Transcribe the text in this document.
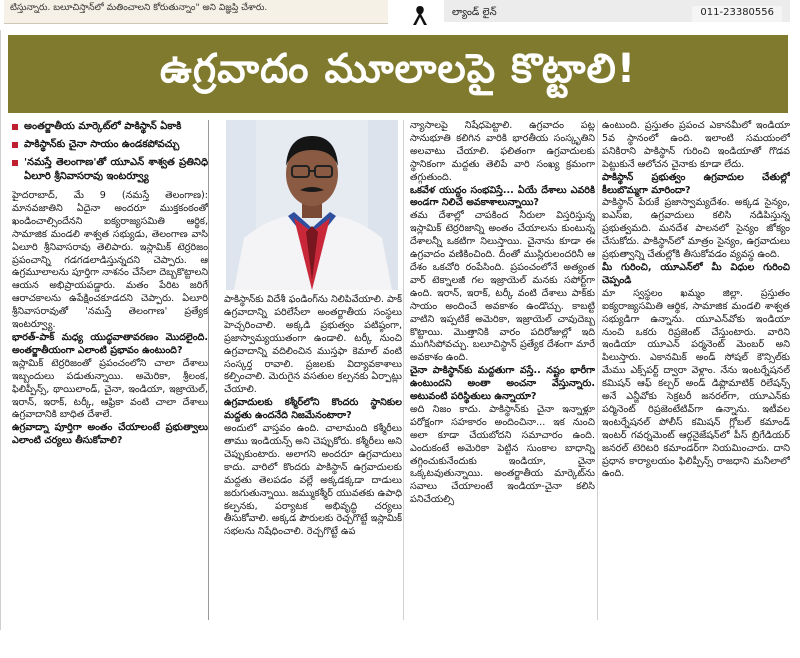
టిస్తున్నారు. బలూచిస్తాన్‌లో మతించాలని కోరుతున్నాం" అని విజ్ఞప్తి చేశారు.	ల్యాండ్ లైన్	011-23380556
ఉగ్రవాదం మూలాలపై కొట్టాలి!
అంతర్జాతీయ మార్కెట్‌లో పాకిస్థాన్ ఏకాకి
పాకిస్థాన్‌కు చైనా సాయం ఉండకపోవచ్చు
'నమస్తే తెలంగాణ'తో యూఎన్ శాశ్వత ప్రతినిధి ఏలూరి శ్రీనివాసరావు ఇంటర్వ్యూ

హైదరాబాద్, మే 9 (నమస్తే తెలంగాణ): మానవజాతిని ఏదైనా అందరూ ముక్తకంఠంతో ఖండించాల్సిందేనని ఐక్యరాజ్యసమితి ఆర్థిక, సామాజిక మండలి శాశ్వత సభ్యుడు, తెలంగాణ వాసి ఏలూరి శ్రీనివాసరావు తెలిపారు. ఇస్లామిక్ టెర్రరిజం ప్రపంచాన్ని గడగడలాడిస్తున్నదని చెప్పారు. ఆ ఉగ్రమూలాలను పూర్తిగా నాశనం చేసేలా దెబ్బకొట్టాలని ఆయన అభిప్రాయపడ్డారు. మతం పేరిట జరిగే ఆరాచకాలను ఉపేక్షించకూడదని చెప్పారు. ఏలూరి శ్రీనివాసరావుతో 'నమస్తే తెలంగాణ' ప్రత్యేక ఇంటర్వ్యూ.

భారత్-పాక్ మధ్య యుద్ధవాతావరణం మొదలైంది. అంతర్జాతీయంగా ఎలాంటి ప్రభావం ఉంటుంది?

ఇస్లామిక్ టెర్రరిజంతో ప్రపంచంలోని చాలా దేశాలు ఇబ్బందులు పడుతున్నాయి. అమెరికా, శ్రీలంక, ఫిలిప్పీన్స్, థాయిలాండ్, చైనా, ఇండియా, ఇజ్రాయెల్, ఇరాన్, ఇరాక్, టర్కీ, ఆఫ్రికా వంటి చాలా దేశాలు ఉగ్రవాదానికి బాధిత దేశాలే.

ఉగ్రవాద్నా పూర్తిగా అంతం చేయాలంటే ప్రభుత్వాలు ఎలాంటి చర్యలు తీసుకోవాలి?

పాకిస్థాన్‌కు విదేశీ ఫండింగ్‌ను నిలిపివేయాలి. పాక్ ఉగ్రవాదాన్ని పరిలేసేలా అంతర్జాతీయ సంస్థలు హెచ్చరించాలి. అక్కడి ప్రభుత్వం పటిష్ఠంగా, ప్రజాస్వామ్యయుతంగా ఉండాలి. టర్కీ నుంచి ఉగ్రవాదాన్ని వదిలించిన ముస్తఫా కెమాల్ వంటి సంస్కర్త రావాలి. ప్రజలకు విద్యావకాశాలు కల్పించాలి. మెరుగైన వసతుల కల్పనకు ఏర్పాట్లు చేయాలి.

ఉగ్రవాదులకు కశ్మీర్‌లోని కొందరు స్థానికుల మద్దతు ఉందనేది నిజమేనంటారా?

అందులో వాస్తవం ఉంది. చాలామంది కశ్మీరీలు తాము ఇండియన్స్ అని చెప్పుకోరు. కశ్మీరీలు అని చెప్పుకుంటారు. అలాగని అందరూ ఉగ్రవాదులు కాదు. వారిలో కొందరు పాకిస్థాన్ ఉగ్రవాదులకు మద్దతు తెలపడం వల్లే అక్కడక్కడా దాడులు జరుగుతున్నాయి. జమ్ముకశ్మీర్ యువతకు ఉపాధి కల్పనకు, పర్యాటక అభివృద్ధి చర్యలు తీసుకోవాలి. అక్కడ పౌరులకు రెచ్చగొట్టే ఇస్లామిక్ సభలను నిషేధించాలి. రెచ్చగొట్టే ఉప

న్యాసాలపై నిషేధపెట్టాలి. ఉగ్రవాదం పట్ల సానుభూతి కలిగిన వారికి భారతీయ సంస్కృతిని అలవాటు చేయాలి. ఫలితంగా ఉగ్రవాదులకు స్థానికంగా మద్దతు తెలిపే వారి సంఖ్య క్రమంగా తగ్గుతుంది.

ఒకవేళ యుద్ధం సంభవిస్తే... ఏయే దేశాలు ఎవరికి అండగా నిలిచే అవకాశాలున్నాయి?

తమ దేశాల్లో చాపకింద నీరులా విస్తరిస్తున్న ఇస్లామిక్ టెర్రరిజాన్ని అంతం చేయాలను కుంటున్న దేశాలన్నీ ఒకటిగా నిలుస్తాయి. చైనాను కూడా ఈ ఉగ్రవాదం వణికించింది. దీంతో ముస్లిరులందరినీ ఆ దేశం ఒకచోరి రంపేసింది. ప్రపంచంలోనే అత్యంత వార్ టెక్నాలజీ గల ఇజ్రాయెల్ మనకు సపోర్ట్‌గా ఉంది. ఇరాన్, ఇరాక్, టర్కీ వంటి దేశాలు పాక్‌కు సాయం అందించే అవకాశం ఉండొచ్చు. కాబట్టి వాటిని ఇప్పటికే అమెరికా, ఇజ్రాయెల్ చావుదెబ్బ కొట్టాయి. మొత్తానికి వారం పదిరోజుల్లో ఇది ముగిసిపోవచ్చు. బలూచిస్థాన్ ప్రత్యేక దేశంగా మారే అవకాశం ఉంది.

చైనా పాకిస్థాన్‌కు మద్దతుగా వస్తే.. నష్టం భారీగా ఉంటుందని అంతా అంచనా వేస్తున్నారు. అటువంటి పరిస్థితులు ఉన్నాయా?

అది నిజం కాదు. పాకిస్థాన్‌కు చైనా ఇన్నాళ్లూ పరోక్షంగా సహకారం అందించినా... ఇక నుంచి అలా కూడా చేయబోదని సమాచారం ఉంది. ఎందుకంటే అమెరికా పెట్టిన సుంకాల బాధాన్ని తగ్గించుకునేందుకు ఇండియా, చైనా ఒక్కటవుతున్నాయి. అంతర్జాతీయ మార్కెట్‌ను సవాలు చేయాలంటే ఇండియా-చైనా కలిసి పనిచేయల్సి

ఉంటుంది. ప్రస్తుతం ప్రపంచ ఎకానమీలో ఇండియా 5వ స్థానంలో ఉంది. ఇలాంటి సమయంలో పనికిరాని పాకిస్థాన్ గురించి ఇండియాతో గొడవ పెట్టుకునే ఆలోచన చైనాకు కూడా లేదు.

పాకిస్థాన్ ప్రభుత్వం ఉగ్రవాదుల చేతుల్లో కీలుబొమ్మగా మారిందా?

పాకిస్థాన్ పేరుకే ప్రజాస్వామ్యదేశం. అక్కడ సైన్యం, ఐఎస్ఐ, ఉగ్రవాదులు కలిసి నడిపిస్తున్న ప్రభుత్వమది. మనదేశ పాలనలో సైన్యం జోక్యం చేసుకోదు. పాకిస్థాన్‌లో మాత్రం సైన్యం, ఉగ్రవాదులు ప్రభుత్వాన్ని చేతుల్లోకి తీసుకోవడం వ్యవస్థ ఉంది.

మీ గురించి, యూఎన్‌లో మీ విధుల గురించి చెప్పండి

మా స్వస్థలం ఖమ్మం జిల్లా. ప్రస్తుతం ఐక్యరాజ్యసమితి ఆర్థిక, సామాజిక మండలి శాశ్వత సభ్యుడిగా ఉన్నాను. యూఎన్‌వోకు ఇండియా నుంచి ఒకరు రిప్రజెంట్ చేస్తుంటారు. వారిని ఇండియా యూఎన్ పర్మనెంట్ మెంబర్ అని పిలుస్తారు. ఎకానమిక్ అండ్ సోషల్ కౌన్సిల్‌కు మేము ఎక్స్‌పర్ట్‌ ద్వారా వెళ్లాం. నేను ఇంటర్నేషనల్ కమిషన్ ఆఫ్ కల్చర్ అండ్ డిప్లొమాటిక్ రిలేషన్స్ అనే ఎన్జీవోకు సెక్రటరీ జనరల్‌గా, యూఎన్‌కు పర్మినెంట్ రిప్రజెంటేటివ్‌గా ఉన్నాను. ఇటీవల ఇంటర్నేషనల్ పోలీస్ కమిషన్ గ్లోబల్ కమాండ్ ఇంటర్ గవర్నమెంట్ ఆర్గనైజేషన్‌లో పీస్ బ్రిగేడియర్ జనరల్ టెరిటరి కమాండర్‌గా నియమించారు. దాని ప్రధాన కార్యాలయం ఫిలిప్పీన్స్ రాజధాని మనీలాలో ఉంది.
